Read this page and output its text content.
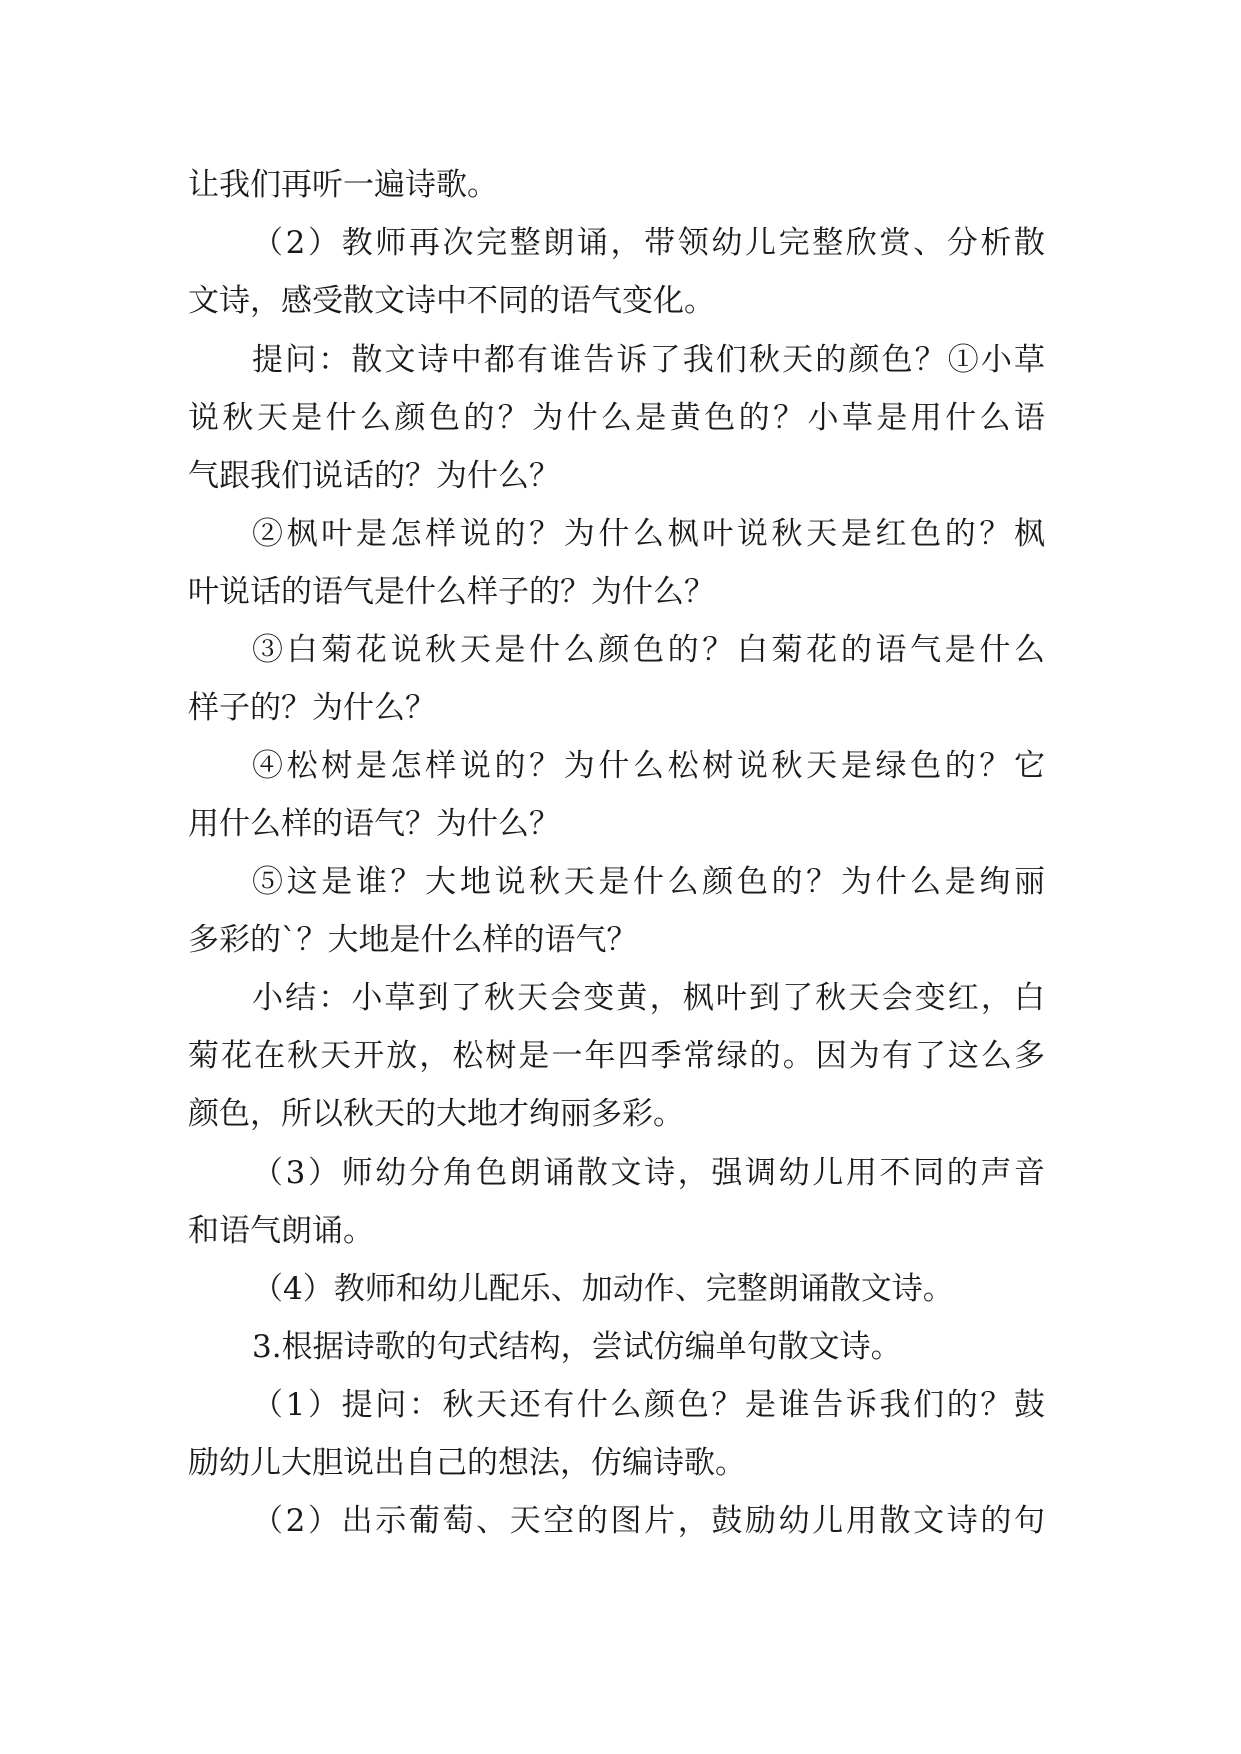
让我们再听一遍诗歌。
（2）教师再次完整朗诵，带领幼儿完整欣赏、分析散
文诗，感受散文诗中不同的语气变化。
提问：散文诗中都有谁告诉了我们秋天的颜色？①小草
说秋天是什么颜色的？为什么是黄色的？小草是用什么语
气跟我们说话的？为什么？
②枫叶是怎样说的？为什么枫叶说秋天是红色的？枫
叶说话的语气是什么样子的？为什么？
③白菊花说秋天是什么颜色的？白菊花的语气是什么
样子的？为什么？
④松树是怎样说的？为什么松树说秋天是绿色的？它
用什么样的语气？为什么？
⑤这是谁？大地说秋天是什么颜色的？为什么是绚丽
多彩的`？大地是什么样的语气？
小结：小草到了秋天会变黄，枫叶到了秋天会变红，白
菊花在秋天开放，松树是一年四季常绿的。因为有了这么多
颜色，所以秋天的大地才绚丽多彩。
（3）师幼分角色朗诵散文诗，强调幼儿用不同的声音
和语气朗诵。
（4）教师和幼儿配乐、加动作、完整朗诵散文诗。
3.根据诗歌的句式结构，尝试仿编单句散文诗。
（1）提问：秋天还有什么颜色？是谁告诉我们的？鼓
励幼儿大胆说出自己的想法，仿编诗歌。
（2）出示葡萄、天空的图片，鼓励幼儿用散文诗的句
